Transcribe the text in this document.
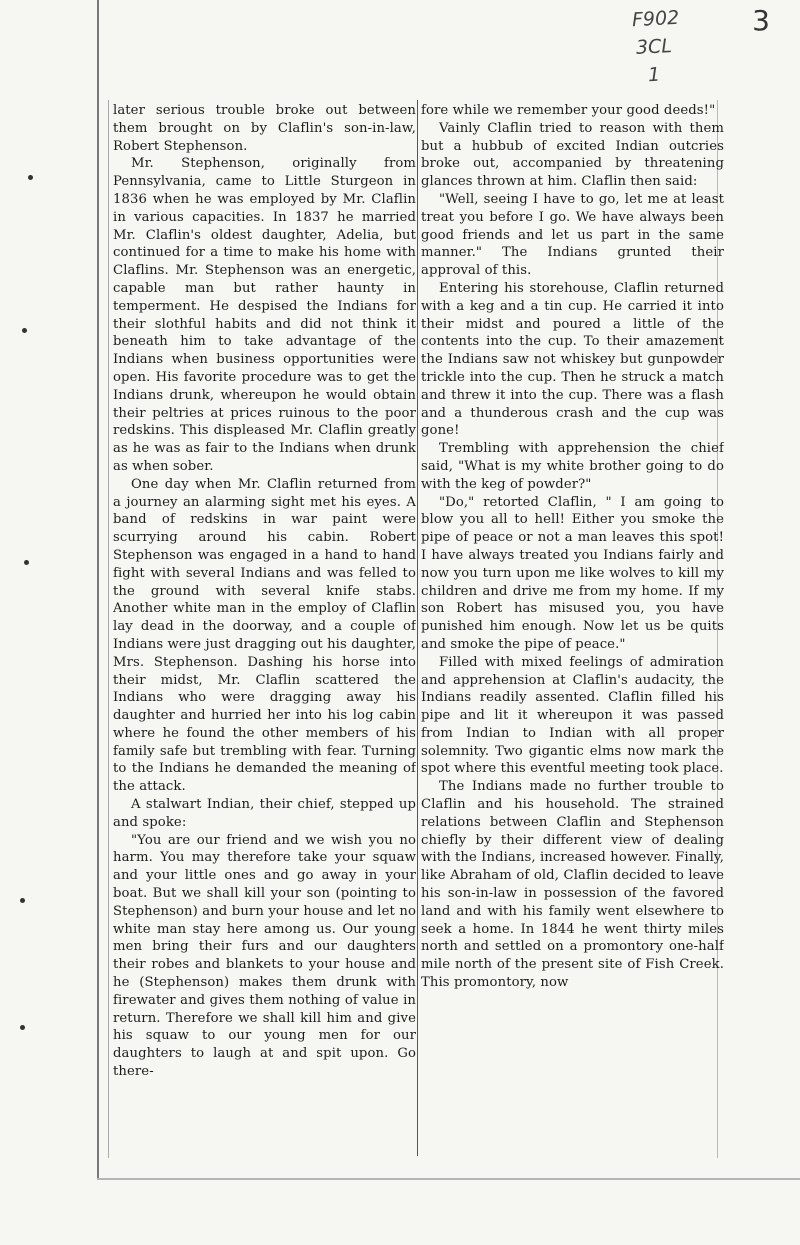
F902
3CL
1
3

later serious trouble broke out between them brought on by Claflin's son-in-law, Robert Stephenson.

Mr. Stephenson, originally from Pennsylvania, came to Little Sturgeon in 1836 when he was employed by Mr. Claflin in various capacities. In 1837 he married Mr. Claflin's oldest daughter, Adelia, but continued for a time to make his home with Claflins. Mr. Stephenson was an energetic, capable man but rather haunty in temperment. He despised the Indians for their slothful habits and did not think it beneath him to take advantage of the Indians when business opportunities were open. His favorite procedure was to get the Indians drunk, whereupon he would obtain their peltries at prices ruinous to the poor redskins. This displeased Mr. Claflin greatly as he was as fair to the Indians when drunk as when sober.

One day when Mr. Claflin returned from a journey an alarming sight met his eyes. A band of redskins in war paint were scurrying around his cabin. Robert Stephenson was engaged in a hand to hand fight with several Indians and was felled to the ground with several knife stabs. Another white man in the employ of Claflin lay dead in the doorway, and a couple of Indians were just dragging out his daughter, Mrs. Stephenson. Dashing his horse into their midst, Mr. Claflin scattered the Indians who were dragging away his daughter and hurried her into his log cabin where he found the other members of his family safe but trembling with fear. Turning to the Indians he demanded the meaning of the attack.

A stalwart Indian, their chief, stepped up and spoke:

"You are our friend and we wish you no harm. You may therefore take your squaw and your little ones and go away in your boat. But we shall kill your son (pointing to Stephenson) and burn your house and let no white man stay here among us. Our young men bring their furs and our daughters their robes and blankets to your house and he (Stephenson) makes them drunk with firewater and gives them nothing of value in return. Therefore we shall kill him and give his squaw to our young men for our daughters to laugh at and spit upon. Go there-

fore while we remember your good deeds!"

Vainly Claflin tried to reason with them but a hubbub of excited Indian outcries broke out, accompanied by threatening glances thrown at him. Claflin then said:

"Well, seeing I have to go, let me at least treat you before I go. We have always been good friends and let us part in the same manner." The Indians grunted their approval of this.

Entering his storehouse, Claflin returned with a keg and a tin cup. He carried it into their midst and poured a little of the contents into the cup. To their amazement the Indians saw not whiskey but gunpowder trickle into the cup. Then he struck a match and threw it into the cup. There was a flash and a thunderous crash and the cup was gone!

Trembling with apprehension the chief said, "What is my white brother going to do with the keg of powder?"

"Do," retorted Claflin, " I am going to blow you all to hell! Either you smoke the pipe of peace or not a man leaves this spot! I have always treated you Indians fairly and now you turn upon me like wolves to kill my children and drive me from my home. If my son Robert has misused you, you have punished him enough. Now let us be quits and smoke the pipe of peace."

Filled with mixed feelings of admiration and apprehension at Claflin's audacity, the Indians readily assented. Claflin filled his pipe and lit it whereupon it was passed from Indian to Indian with all proper solemnity. Two gigantic elms now mark the spot where this eventful meeting took place.

The Indians made no further trouble to Claflin and his household. The strained relations between Claflin and Stephenson chiefly by their different view of dealing with the Indians, increased however. Finally, like Abraham of old, Claflin decided to leave his son-in-law in possession of the favored land and with his family went elsewhere to seek a home. In 1844 he went thirty miles north and settled on a promontory one-half mile north of the present site of Fish Creek. This promontory, now
